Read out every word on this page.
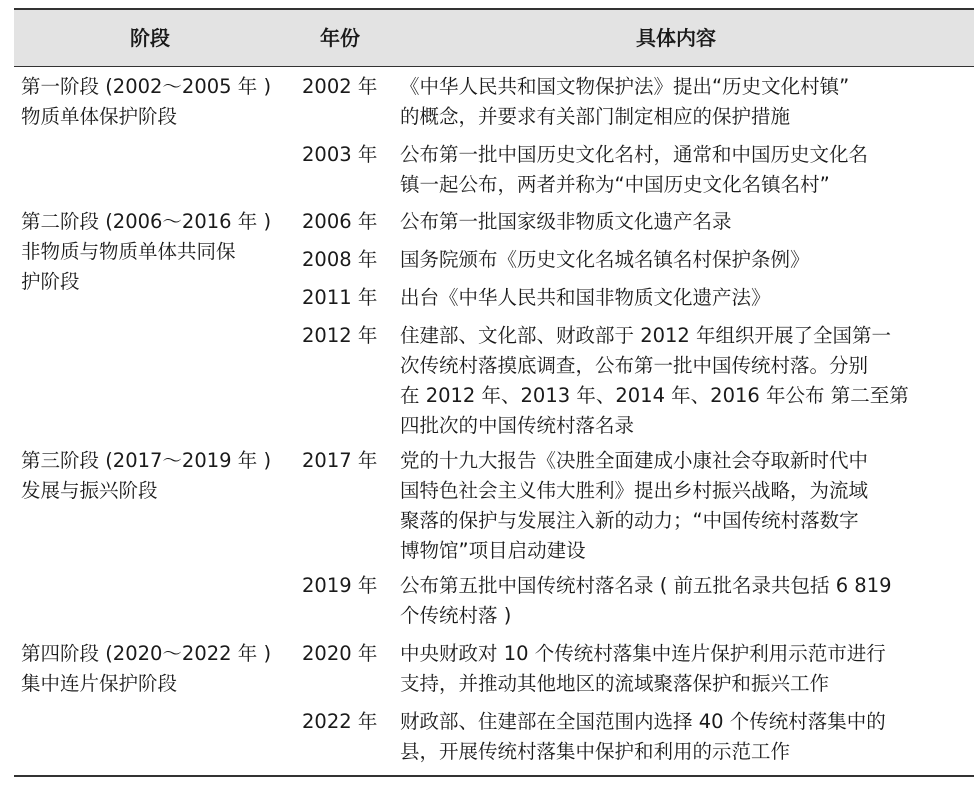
阶段	年份	具体内容
第一阶段 (2002～2005 年 )
物质单体保护阶段
第二阶段 (2006～2016 年 )
非物质与物质单体共同保
护阶段
第三阶段 (2017～2019 年 )
发展与振兴阶段
第四阶段 (2020～2022 年 )
集中连片保护阶段
2002 年 《中华人民共和国文物保护法》提出“历史文化村镇”
的概念，并要求有关部门制定相应的保护措施
2003 年 公布第一批中国历史文化名村，通常和中国历史文化名
镇一起公布，两者并称为“中国历史文化名镇名村”
2006 年 公布第一批国家级非物质文化遗产名录
2008 年 国务院颁布《历史文化名城名镇名村保护条例》
2011 年 出台《中华人民共和国非物质文化遗产法》
2012 年 住建部、文化部、财政部于 2012 年组织开展了全国第一
次传统村落摸底调查，公布第一批中国传统村落。分别
在 2012 年、2013 年、2014 年、2016 年公布 第二至第
四批次的中国传统村落名录
2017 年 党的十九大报告《决胜全面建成小康社会夺取新时代中
国特色社会主义伟大胜利》提出乡村振兴战略，为流域
聚落的保护与发展注入新的动力；“中国传统村落数字
博物馆”项目启动建设
2019 年 公布第五批中国传统村落名录 ( 前五批名录共包括 6 819
个传统村落 )
2020 年 中央财政对 10 个传统村落集中连片保护利用示范市进行
支持，并推动其他地区的流域聚落保护和振兴工作
2022 年 财政部、住建部在全国范围内选择 40 个传统村落集中的
县，开展传统村落集中保护和利用的示范工作
